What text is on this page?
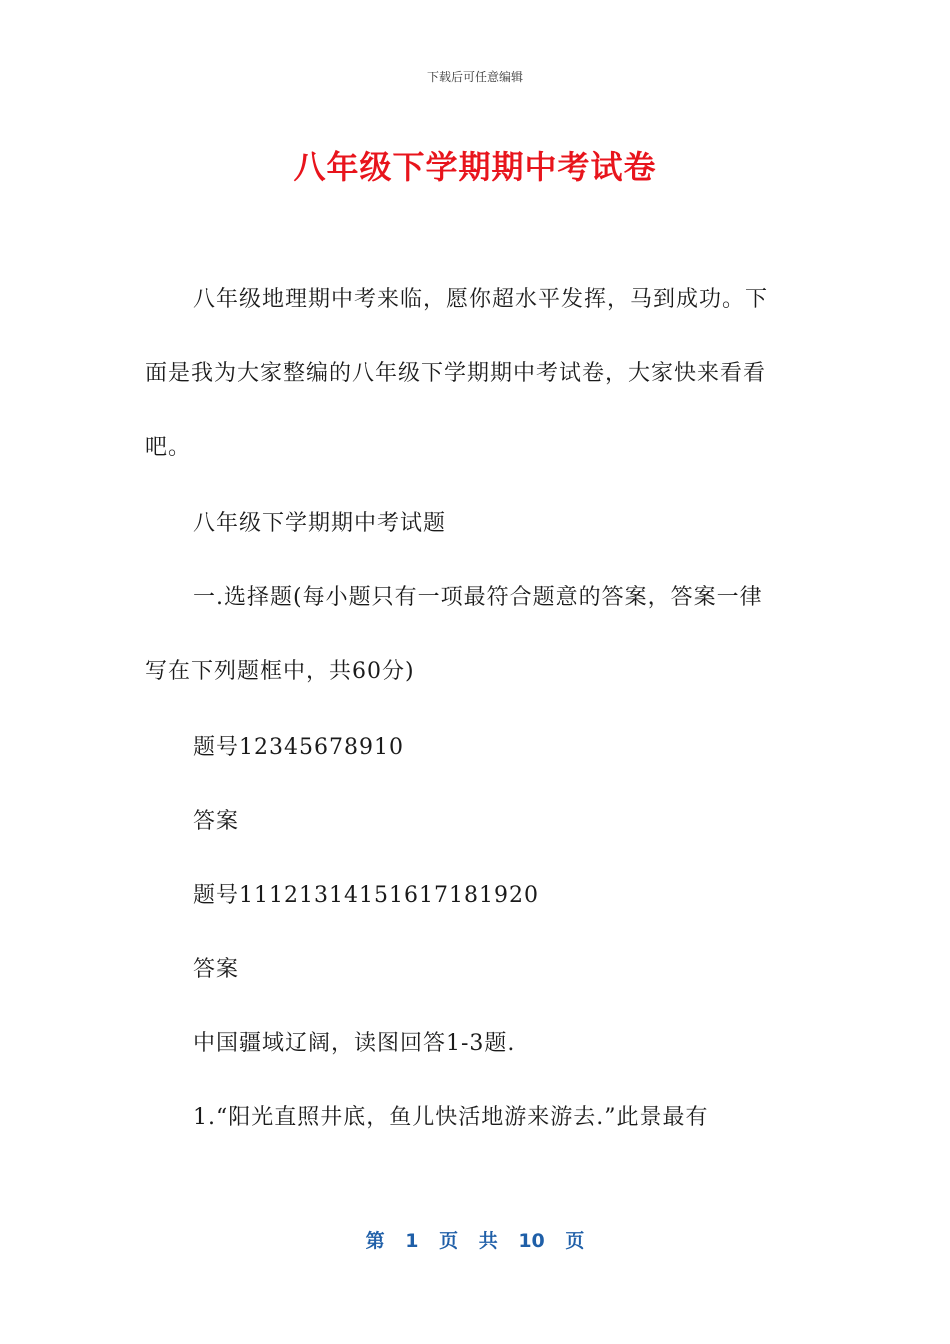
下载后可任意编辑
八年级下学期期中考试卷
八年级地理期中考来临，愿你超水平发挥，马到成功。下
面是我为大家整编的八年级下学期期中考试卷，大家快来看看
吧。
八年级下学期期中考试题
一.选择题(每小题只有一项最符合题意的答案，答案一律
写在下列题框中，共60分)
题号12345678910
答案
题号11121314151617181920
答案
中国疆域辽阔，读图回答1-3题.
1.“阳光直照井底，鱼儿快活地游来游去.”此景最有
第 1 页 共 10 页
